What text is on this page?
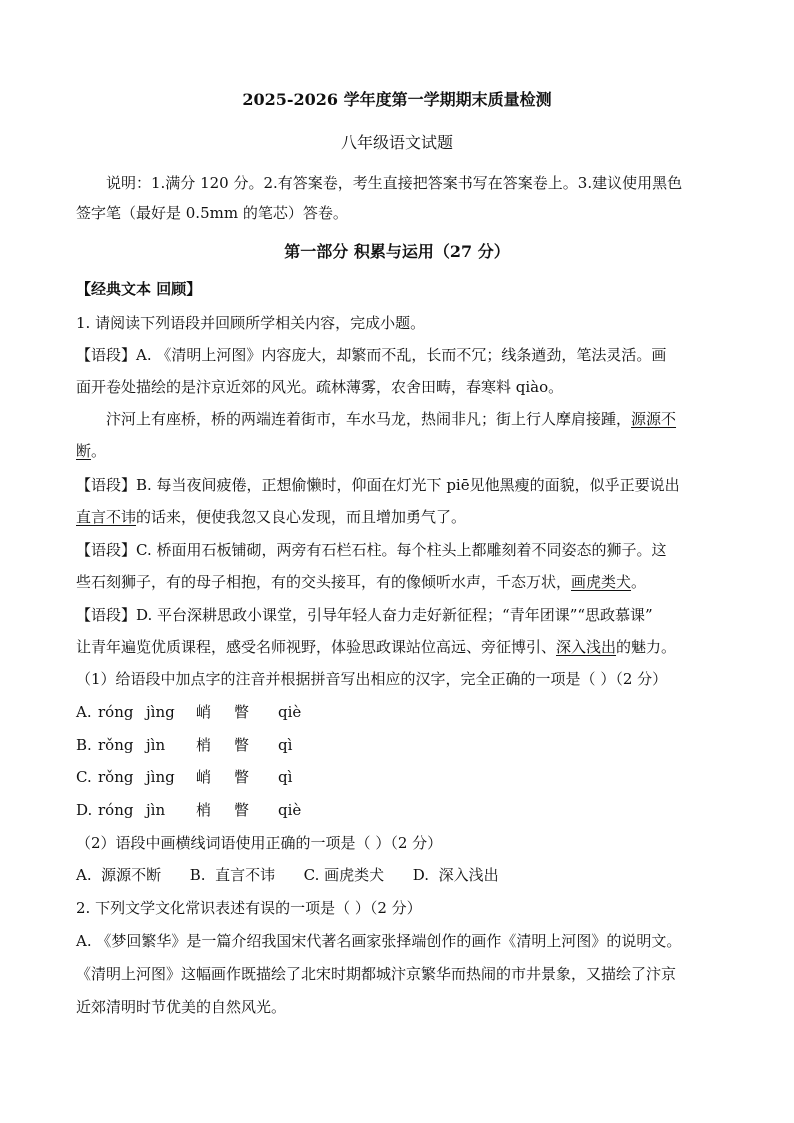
2025-2026 学年度第一学期期末质量检测
八年级语文试题
说明：1.满分 120 分。2.有答案卷，考生直接把答案书写在答案卷上。3.建议使用黑色
签字笔（最好是 0.5mm 的笔芯）答卷。
第一部分 积累与运用（27 分）
【经典文本 回顾】
1. 请阅读下列语段并回顾所学相关内容，完成小题。
【语段】A. 《清明上河图》内容庞大，却繁而不乱，长而不冗；线条遒劲，笔法灵活。画
面开卷处描绘的是汴京近郊的风光。疏林薄雾，农舍田畴，春寒料 qiào。
汴河上有座桥，桥的两端连着街市，车水马龙，热闹非凡；街上行人摩肩接踵，源源不
断。
【语段】B. 每当夜间疲倦，正想偷懒时，仰面在灯光下 piē见他黑瘦的面貌，似乎正要说出
直言不讳的话来，便使我忽又良心发现，而且增加勇气了。
【语段】C. 桥面用石板铺砌，两旁有石栏石柱。每个柱头上都雕刻着不同姿态的狮子。这
些石刻狮子，有的母子相抱，有的交头接耳，有的像倾听水声，千态万状，画虎类犬。
【语段】D. 平台深耕思政小课堂，引导年轻人奋力走好新征程；“青年团课”“思政慕课”
让青年遍览优质课程，感受名师视野，体验思政课站位高远、旁征博引、深入浅出的魅力。
（1）给语段中加点字的注音并根据拼音写出相应的汉字，完全正确的一项是（ ）（2 分）
A. róng jìng 峭 瞥 qiè
B. rǒng jìn 梢 瞥 qì
C. rǒng jìng 峭 瞥 qì
D. róng jìn 梢 瞥 qiè
（2）语段中画横线词语使用正确的一项是（ ）（2 分）
A.  源源不断      B.  直言不讳      C. 画虎类犬      D.  深入浅出
2. 下列文学文化常识表述有误的一项是（ ）（2 分）
A. 《梦回繁华》是一篇介绍我国宋代著名画家张择端创作的画作《清明上河图》的说明文。
《清明上河图》这幅画作既描绘了北宋时期都城汴京繁华而热闹的市井景象，又描绘了汴京
近郊清明时节优美的自然风光。
